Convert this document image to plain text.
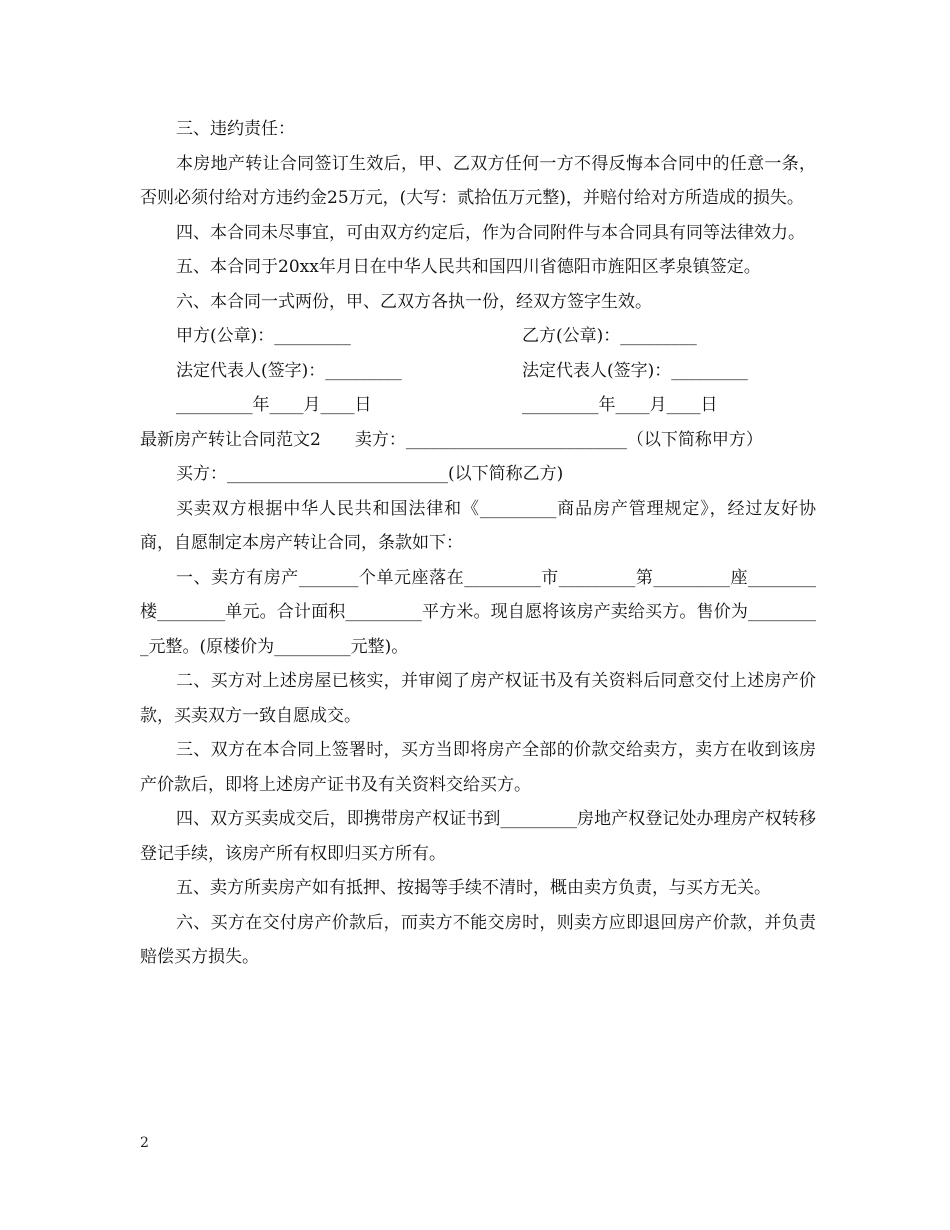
三、违约责任：

本房地产转让合同签订生效后，甲、乙双方任何一方不得反悔本合同中的任意一条，否则必须付给对方违约金25万元，(大写：贰拾伍万元整)，并赔付给对方所造成的损失。

四、本合同未尽事宜，可由双方约定后，作为合同附件与本合同具有同等法律效力。

五、本合同于20xx年月日在中华人民共和国四川省德阳市旌阳区孝泉镇签定。

六、本合同一式两份，甲、乙双方各执一份，经双方签字生效。

甲方(公章)：_________	乙方(公章)：_________
法定代表人(签字)：_________	法定代表人(签字)：_________
_________年____月____日	_________年____月____日

最新房产转让合同范文2　　卖方：__________________________（以下简称甲方）

买方：__________________________(以下简称乙方)

买卖双方根据中华人民共和国法律和《_________商品房产管理规定》，经过友好协商，自愿制定本房产转让合同，条款如下：

一、卖方有房产_______个单元座落在_________市_________第_________座________楼________单元。合计面积_________平方米。现自愿将该房产卖给买方。售价为_________元整。(原楼价为_________元整)。

二、买方对上述房屋已核实，并审阅了房产权证书及有关资料后同意交付上述房产价款，买卖双方一致自愿成交。

三、双方在本合同上签署时，买方当即将房产全部的价款交给卖方，卖方在收到该房产价款后，即将上述房产证书及有关资料交给买方。

四、双方买卖成交后，即携带房产权证书到_________房地产权登记处办理房产权转移登记手续，该房产所有权即归买方所有。

五、卖方所卖房产如有抵押、按揭等手续不清时，概由卖方负责，与买方无关。

六、买方在交付房产价款后，而卖方不能交房时，则卖方应即退回房产价款，并负责赔偿买方损失。

2
